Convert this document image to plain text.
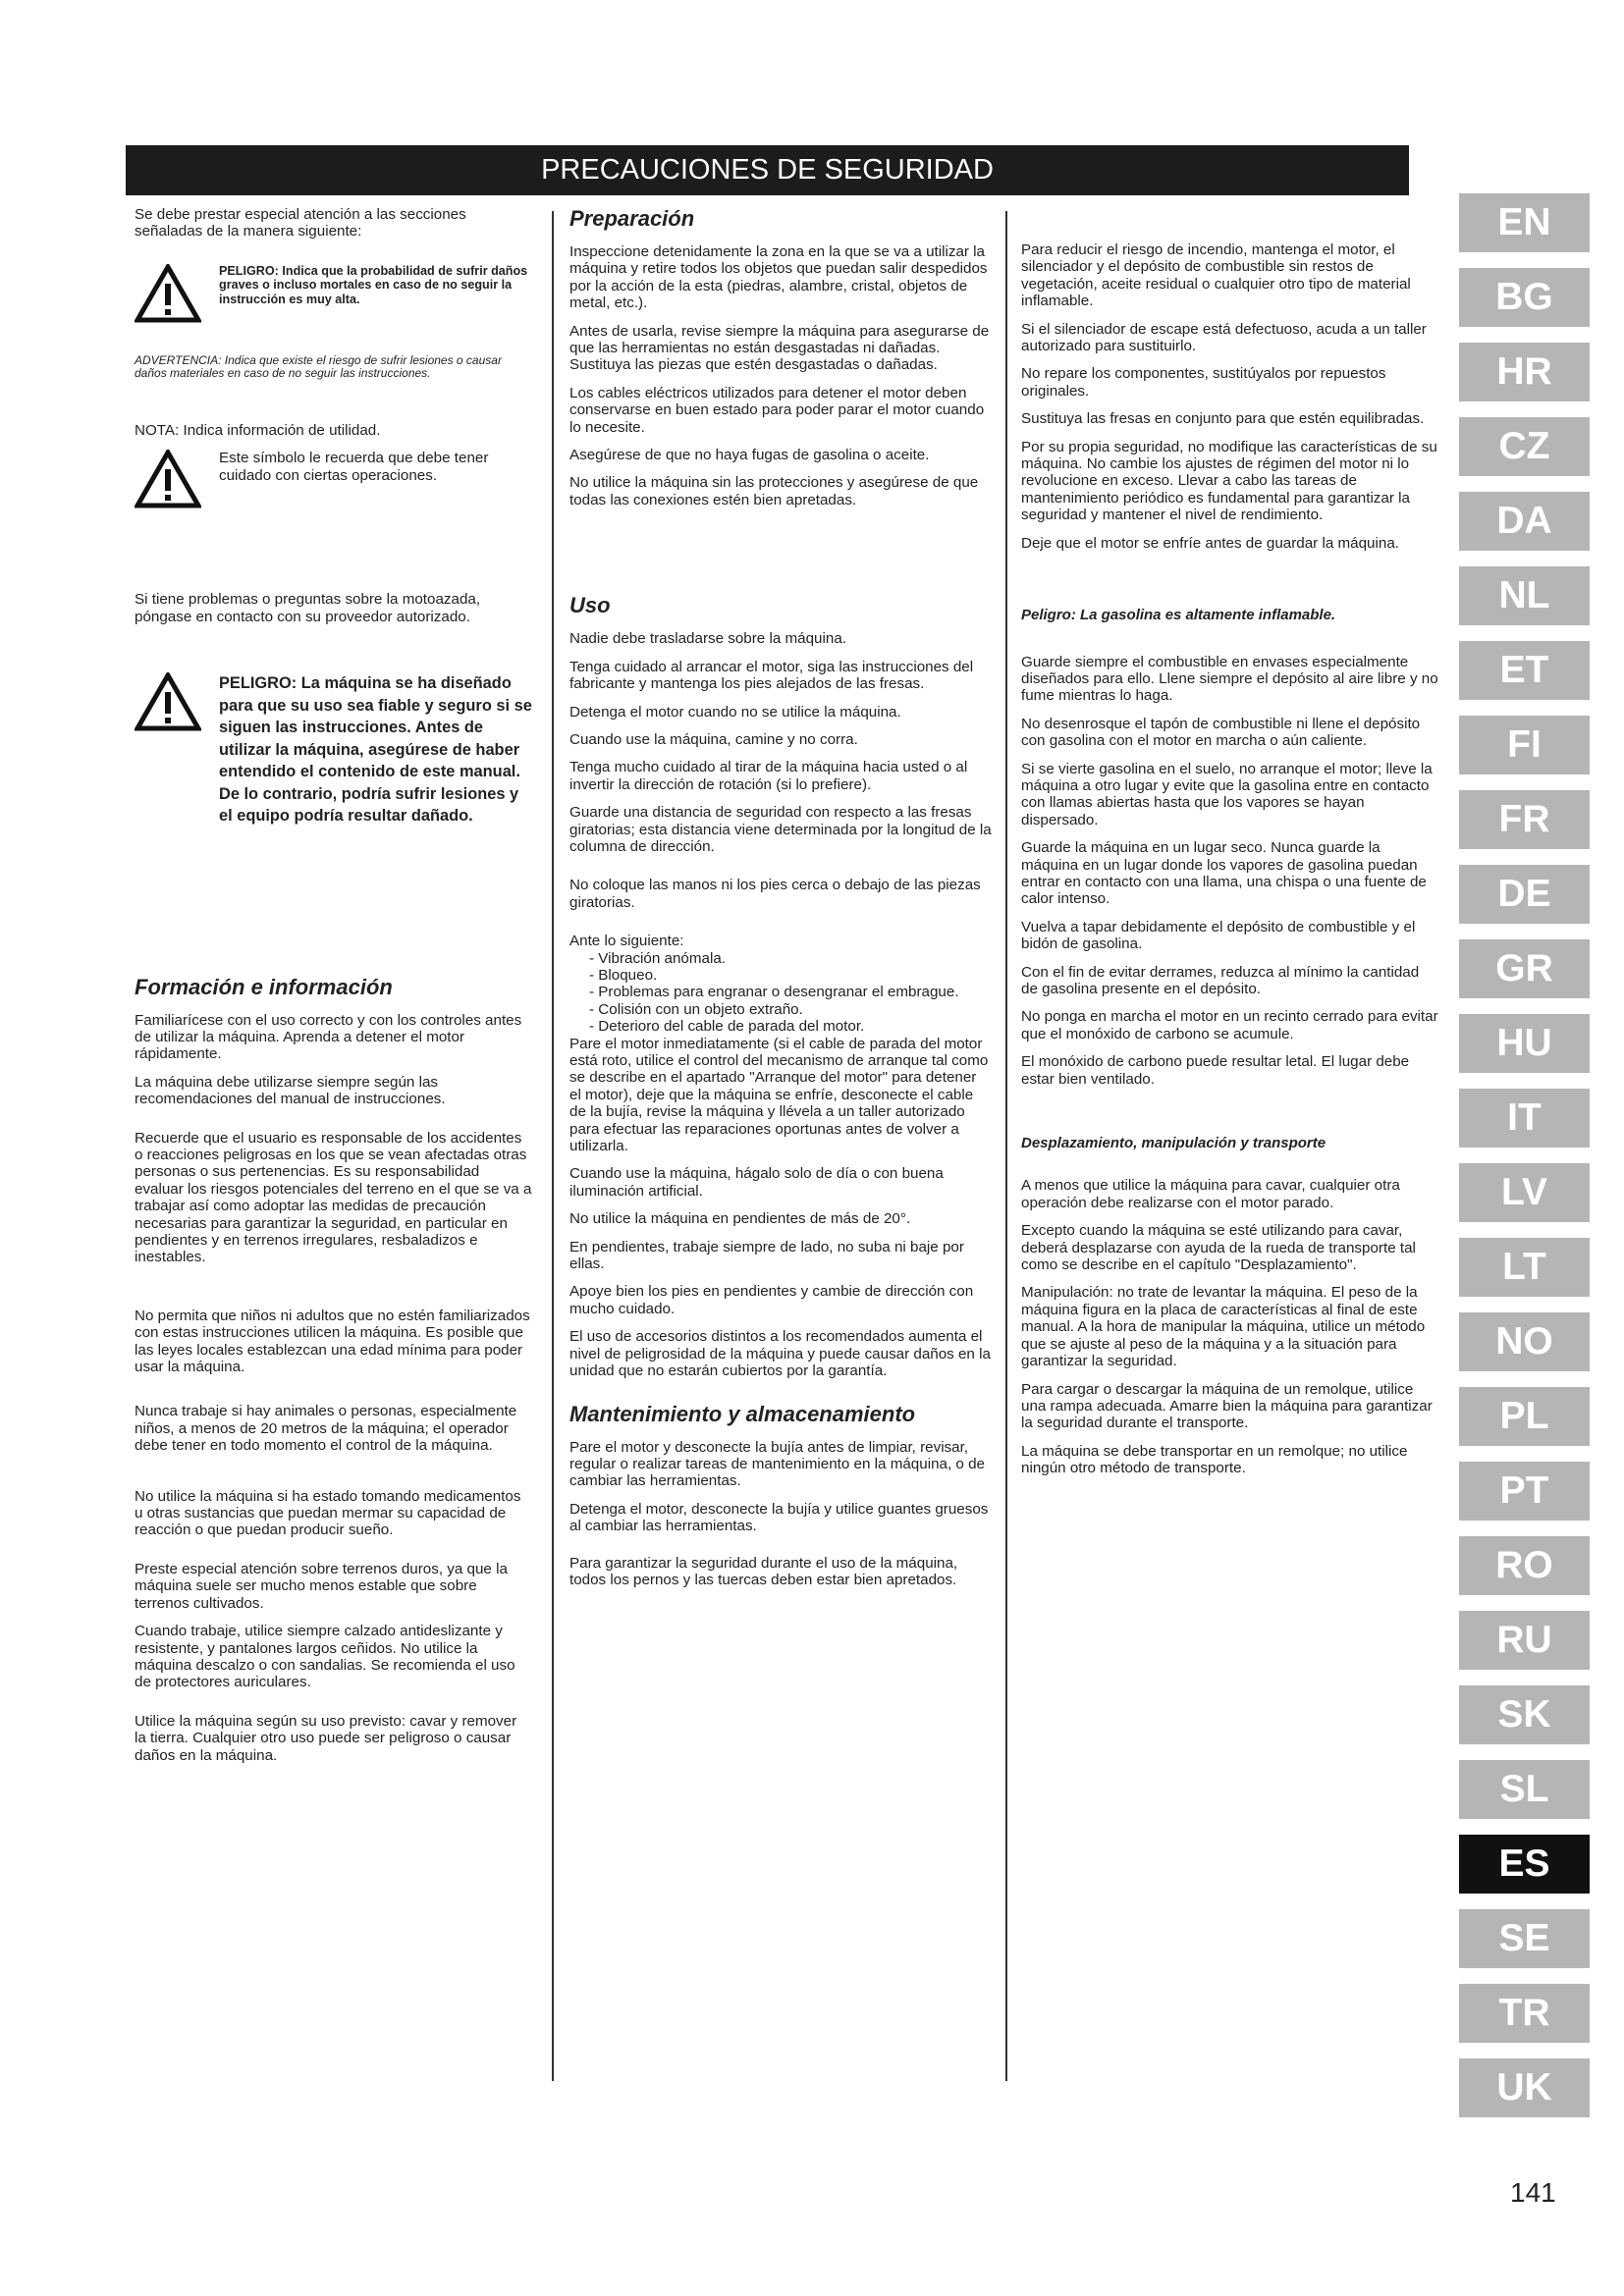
PRECAUCIONES DE SEGURIDAD

Se debe prestar especial atención a las secciones señaladas de la manera siguiente:

PELIGRO: Indica que la probabilidad de sufrir daños graves o incluso mortales en caso de no seguir la instrucción es muy alta.
ADVERTENCIA: Indica que existe el riesgo de sufrir lesiones o causar daños materiales en caso de no seguir las instrucciones.

NOTA: Indica información de utilidad.

Este símbolo le recuerda que debe tener cuidado con ciertas operaciones.

Si tiene problemas o preguntas sobre la motoazada, póngase en contacto con su proveedor autorizado.

PELIGRO: La máquina se ha diseñado para que su uso sea fiable y seguro si se siguen las instrucciones. Antes de utilizar la máquina, asegúrese de haber entendido el contenido de este manual. De lo contrario, podría sufrir lesiones y el equipo podría resultar dañado.
Formación e información

Familiarícese con el uso correcto y con los controles antes de utilizar la máquina. Aprenda a detener el motor rápidamente.

La máquina debe utilizarse siempre según las recomendaciones del manual de instrucciones.

Recuerde que el usuario es responsable de los accidentes o reacciones peligrosas en los que se vean afectadas otras personas o sus pertenencias. Es su responsabilidad evaluar los riesgos potenciales del terreno en el que se va a trabajar así como adoptar las medidas de precaución necesarias para garantizar la seguridad, en particular en pendientes y en terrenos irregulares, resbaladizos e inestables.

No permita que niños ni adultos que no estén familiarizados con estas instrucciones utilicen la máquina. Es posible que las leyes locales establezcan una edad mínima para poder usar la máquina.

Nunca trabaje si hay animales o personas, especialmente niños, a menos de 20 metros de la máquina; el operador debe tener en todo momento el control de la máquina.

No utilice la máquina si ha estado tomando medicamentos u otras sustancias que puedan mermar su capacidad de reacción o que puedan producir sueño.

Preste especial atención sobre terrenos duros, ya que la máquina suele ser mucho menos estable que sobre terrenos cultivados.

Cuando trabaje, utilice siempre calzado antideslizante y resistente, y pantalones largos ceñidos. No utilice la máquina descalzo o con sandalias. Se recomienda el uso de protectores auriculares.

Utilice la máquina según su uso previsto: cavar y remover la tierra. Cualquier otro uso puede ser peligroso o causar daños en la máquina.

Preparación

Inspeccione detenidamente la zona en la que se va a utilizar la máquina y retire todos los objetos que puedan salir despedidos por la acción de la esta (piedras, alambre, cristal, objetos de metal, etc.).

Antes de usarla, revise siempre la máquina para asegurarse de que las herramientas no están desgastadas ni dañadas. Sustituya las piezas que estén desgastadas o dañadas.

Los cables eléctricos utilizados para detener el motor deben conservarse en buen estado para poder parar el motor cuando lo necesite.

Asegúrese de que no haya fugas de gasolina o aceite.

No utilice la máquina sin las protecciones y asegúrese de que todas las conexiones estén bien apretadas.

Uso

Nadie debe trasladarse sobre la máquina.

Tenga cuidado al arrancar el motor, siga las instrucciones del fabricante y mantenga los pies alejados de las fresas.

Detenga el motor cuando no se utilice la máquina.

Cuando use la máquina, camine y no corra.

Tenga mucho cuidado al tirar de la máquina hacia usted o al invertir la dirección de rotación (si lo prefiere).

Guarde una distancia de seguridad con respecto a las fresas giratorias; esta distancia viene determinada por la longitud de la columna de dirección.

No coloque las manos ni los pies cerca o debajo de las piezas giratorias.

Ante lo siguiente:
- Vibración anómala.
- Bloqueo.
- Problemas para engranar o desengranar el embrague.
- Colisión con un objeto extraño.
- Deterioro del cable de parada del motor.

Pare el motor inmediatamente (si el cable de parada del motor está roto, utilice el control del mecanismo de arranque tal como se describe en el apartado "Arranque del motor" para detener el motor), deje que la máquina se enfríe, desconecte el cable de la bujía, revise la máquina y llévela a un taller autorizado para efectuar las reparaciones oportunas antes de volver a utilizarla.

Cuando use la máquina, hágalo solo de día o con buena iluminación artificial.

No utilice la máquina en pendientes de más de 20°.

En pendientes, trabaje siempre de lado, no suba ni baje por ellas.

Apoye bien los pies en pendientes y cambie de dirección con mucho cuidado.

El uso de accesorios distintos a los recomendados aumenta el nivel de peligrosidad de la máquina y puede causar daños en la unidad que no estarán cubiertos por la garantía.

Mantenimiento y almacenamiento

Pare el motor y desconecte la bujía antes de limpiar, revisar, regular o realizar tareas de mantenimiento en la máquina, o de cambiar las herramientas.

Detenga el motor, desconecte la bujía y utilice guantes gruesos al cambiar las herramientas.

Para garantizar la seguridad durante el uso de la máquina, todos los pernos y las tuercas deben estar bien apretados.

Para reducir el riesgo de incendio, mantenga el motor, el silenciador y el depósito de combustible sin restos de vegetación, aceite residual o cualquier otro tipo de material inflamable.

Si el silenciador de escape está defectuoso, acuda a un taller autorizado para sustituirlo.

No repare los componentes, sustitúyalos por repuestos originales.

Sustituya las fresas en conjunto para que estén equilibradas.

Por su propia seguridad, no modifique las características de su máquina. No cambie los ajustes de régimen del motor ni lo revolucione en exceso. Llevar a cabo las tareas de mantenimiento periódico es fundamental para garantizar la seguridad y mantener el nivel de rendimiento.

Deje que el motor se enfríe antes de guardar la máquina.

Peligro: La gasolina es altamente inflamable.

Guarde siempre el combustible en envases especialmente diseñados para ello. Llene siempre el depósito al aire libre y no fume mientras lo haga.

No desenrosque el tapón de combustible ni llene el depósito con gasolina con el motor en marcha o aún caliente.

Si se vierte gasolina en el suelo, no arranque el motor; lleve la máquina a otro lugar y evite que la gasolina entre en contacto con llamas abiertas hasta que los vapores se hayan dispersado.

Guarde la máquina en un lugar seco. Nunca guarde la máquina en un lugar donde los vapores de gasolina puedan entrar en contacto con una llama, una chispa o una fuente de calor intenso.

Vuelva a tapar debidamente el depósito de combustible y el bidón de gasolina.

Con el fin de evitar derrames, reduzca al mínimo la cantidad de gasolina presente en el depósito.

No ponga en marcha el motor en un recinto cerrado para evitar que el monóxido de carbono se acumule.

El monóxido de carbono puede resultar letal. El lugar debe estar bien ventilado.

Desplazamiento, manipulación y transporte

A menos que utilice la máquina para cavar, cualquier otra operación debe realizarse con el motor parado.

Excepto cuando la máquina se esté utilizando para cavar, deberá desplazarse con ayuda de la rueda de transporte tal como se describe en el capítulo "Desplazamiento".

Manipulación: no trate de levantar la máquina. El peso de la máquina figura en la placa de características al final de este manual. A la hora de manipular la máquina, utilice un método que se ajuste al peso de la máquina y a la situación para garantizar la seguridad.

Para cargar o descargar la máquina de un remolque, utilice una rampa adecuada. Amarre bien la máquina para garantizar la seguridad durante el transporte.

La máquina se debe transportar en un remolque; no utilice ningún otro método de transporte.

EN
BG
HR
CZ
DA
NL
ET
FI
FR
DE
GR
HU
IT
LV
LT
NO
PL
PT
RO
RU
SK
SL
ES
SE
TR
UK
141
